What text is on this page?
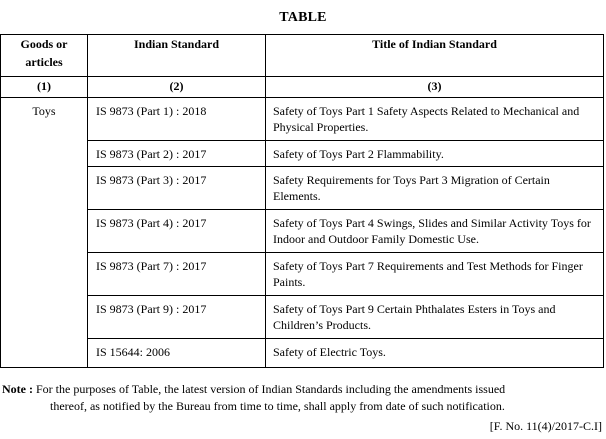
TABLE
Goods or articles	Indian Standard	Title of Indian Standard
(1)	(2)	(3)
Toys	IS 9873 (Part 1) : 2018	Safety of Toys Part 1 Safety Aspects Related to Mechanical and Physical Properties.
	IS 9873 (Part 2) : 2017	Safety of Toys Part 2 Flammability.
	IS 9873 (Part 3) : 2017	Safety Requirements for Toys Part 3 Migration of Certain Elements.
	IS 9873 (Part 4) : 2017	Safety of Toys Part 4 Swings, Slides and Similar Activity Toys for Indoor and Outdoor Family Domestic Use.
	IS 9873 (Part 7) : 2017	Safety of Toys Part 7 Requirements and Test Methods for Finger Paints.
	IS 9873 (Part 9) : 2017	Safety of Toys Part 9 Certain Phthalates Esters in Toys and Children’s Products.
	IS 15644: 2006	Safety of Electric Toys.
Note : For the purposes of Table, the latest version of Indian Standards including the amendments issued
thereof, as notified by the Bureau from time to time, shall apply from date of such notification.
[F. No. 11(4)/2017-C.I]
